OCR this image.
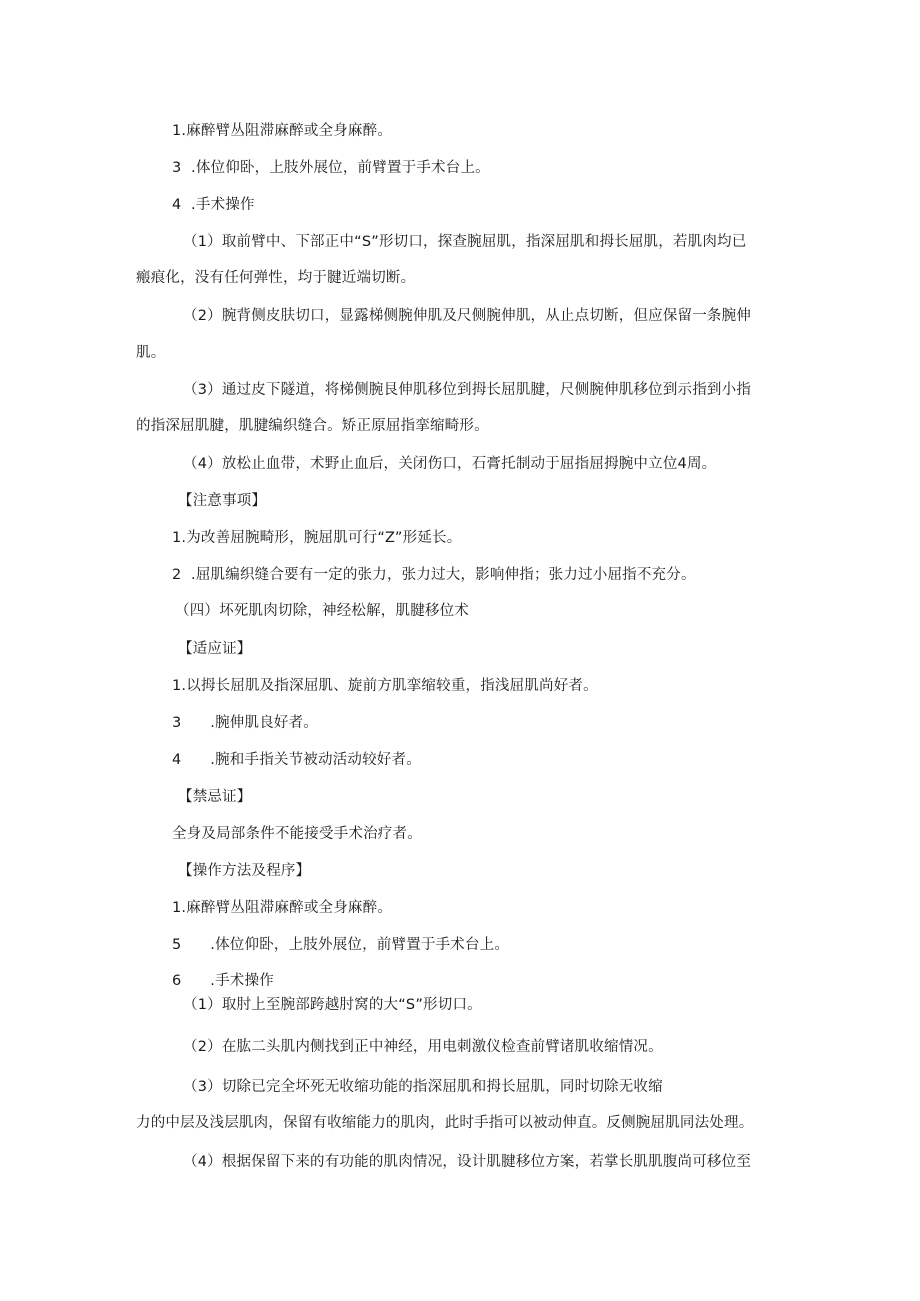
1.麻醉臂丛阻滞麻醉或全身麻醉。
3  .体位仰卧，上肢外展位，前臂置于手术台上。
4  .手术操作
（1）取前臂中、下部正中“S”形切口，探查腕屈肌，指深屈肌和拇长屈肌，若肌肉均已
瘢痕化，没有任何弹性，均于腱近端切断。
（2）腕背侧皮肤切口，显露梯侧腕伸肌及尺侧腕伸肌，从止点切断，但应保留一条腕伸
肌。
（3）通过皮下隧道，将梯侧腕艮伸肌移位到拇长屈肌腱，尺侧腕伸肌移位到示指到小指
的指深屈肌腱，肌腱编织缝合。矫正原屈指挛缩畸形。
（4）放松止血带，术野止血后，关闭伤口，石膏托制动于屈指屈拇腕中立位4周。
【注意事项】
1.为改善屈腕畸形，腕屈肌可行“Z”形延长。
2  .屈肌编织缝合要有一定的张力，张力过大，影响伸指；张力过小屈指不充分。
（四）坏死肌肉切除，神经松解，肌腱移位术
【适应证】
1.以拇长屈肌及指深屈肌、旋前方肌挛缩较重，指浅屈肌尚好者。
3      .腕伸肌良好者。
4      .腕和手指关节被动活动较好者。
【禁忌证】
全身及局部条件不能接受手术治疗者。
【操作方法及程序】
1.麻醉臂丛阻滞麻醉或全身麻醉。
5      .体位仰卧，上肢外展位，前臂置于手术台上。
6      .手术操作
（1）取肘上至腕部跨越肘窝的大“S”形切口。
（2）在肱二头肌内侧找到正中神经，用电刺激仪检查前臂诸肌收缩情况。
（3）切除已完全坏死无收缩功能的指深屈肌和拇长屈肌，同时切除无收缩
力的中层及浅层肌肉，保留有收缩能力的肌肉，此时手指可以被动伸直。反侧腕屈肌同法处理。
（4）根据保留下来的有功能的肌肉情况，设计肌腱移位方案，若掌长肌肌腹尚可移位至
